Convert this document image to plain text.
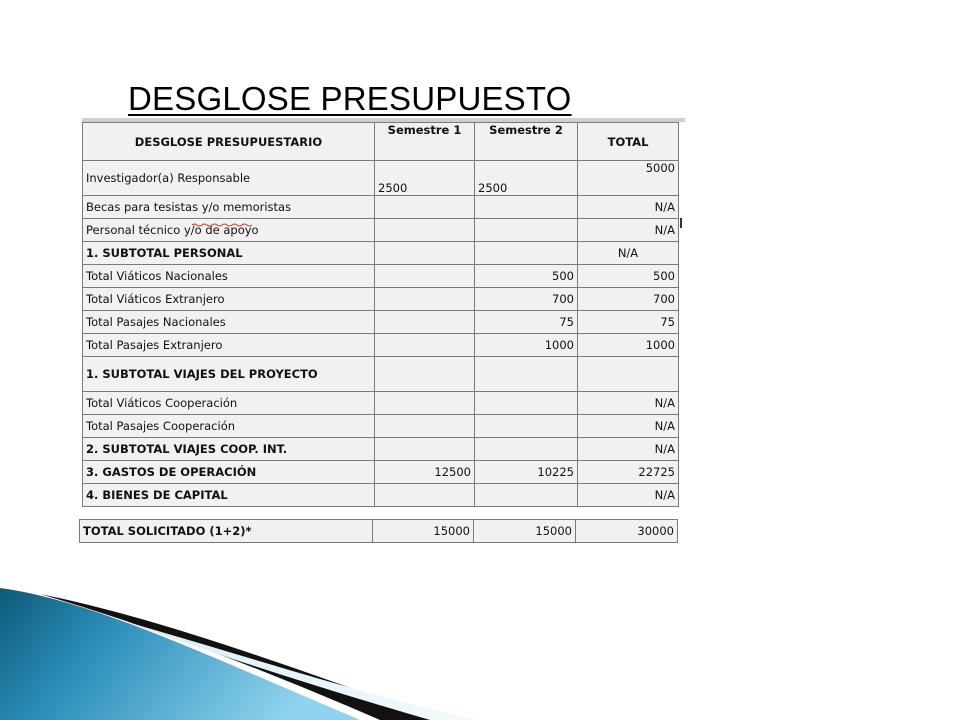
DESGLOSE PRESUPUESTO
DESGLOSE PRESUPUESTARIO	Semestre 1	Semestre 2	TOTAL
Investigador(a) Responsable	2500	2500	5000
Becas para tesistas y/o memoristas			N/A
Personal técnico y/o de apoyo			N/A
1. SUBTOTAL PERSONAL			N/A
Total Viáticos Nacionales		500	500
Total Viáticos Extranjero		700	700
Total Pasajes Nacionales		75	75
Total Pasajes Extranjero		1000	1000
1. SUBTOTAL VIAJES DEL PROYECTO			
Total Viáticos Cooperación			N/A
Total Pasajes Cooperación			N/A
2. SUBTOTAL VIAJES COOP. INT.			N/A
3. GASTOS DE OPERACIÓN	12500	10225	22725
4. BIENES DE CAPITAL			N/A
TOTAL SOLICITADO (1+2)*	15000	15000	30000
